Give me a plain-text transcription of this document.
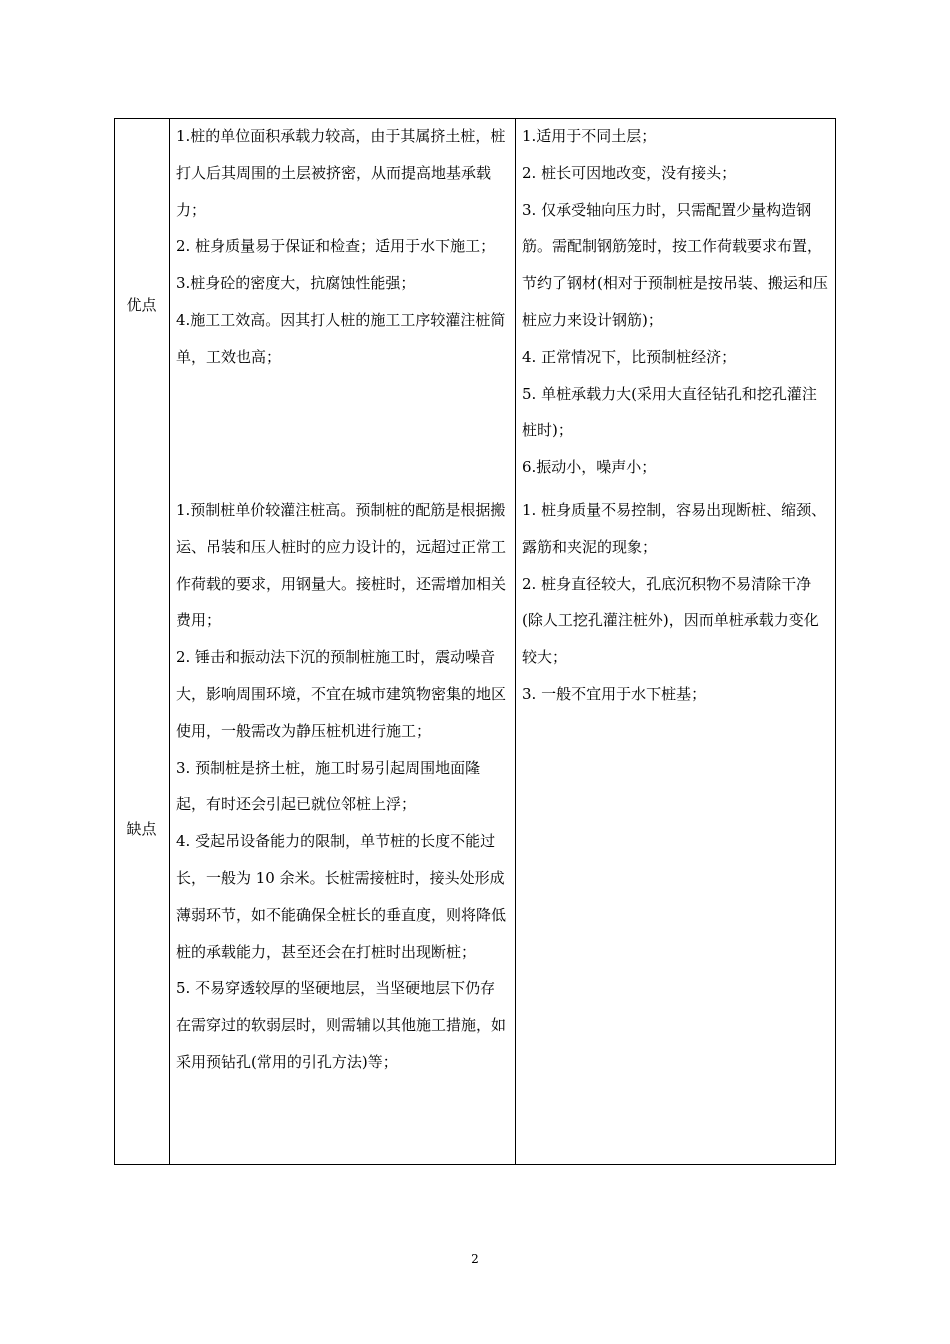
优点

1.桩的单位面积承载力较高，由于其属挤土桩，桩打人后其周围的土层被挤密，从而提高地基承载力；

2. 桩身质量易于保证和检查；适用于水下施工；

3.桩身砼的密度大，抗腐蚀性能强；

4.施工工效高。因其打人桩的施工工序较灌注桩简单，工效也高；

1.适用于不同土层；

2. 桩长可因地改变，没有接头；

3. 仅承受轴向压力时，只需配置少量构造钢筋。需配制钢筋笼时，按工作荷载要求布置，节约了钢材(相对于预制桩是按吊装、搬运和压桩应力来设计钢筋)；

4. 正常情况下，比预制桩经济；

5. 单桩承载力大(采用大直径钻孔和挖孔灌注桩时)；

6.振动小，噪声小；

缺点

1.预制桩单价较灌注桩高。预制桩的配筋是根据搬运、吊装和压人桩时的应力设计的，远超过正常工作荷载的要求，用钢量大。接桩时，还需增加相关费用；

2. 锤击和振动法下沉的预制桩施工时，震动噪音大，影响周围环境，不宜在城市建筑物密集的地区使用，一般需改为静压桩机进行施工；

3. 预制桩是挤土桩，施工时易引起周围地面隆起，有时还会引起已就位邻桩上浮；

4. 受起吊设备能力的限制，单节桩的长度不能过长，一般为 10 余米。长桩需接桩时，接头处形成薄弱环节，如不能确保全桩长的垂直度，则将降低桩的承载能力，甚至还会在打桩时出现断桩；

5. 不易穿透较厚的坚硬地层，当坚硬地层下仍存在需穿过的软弱层时，则需辅以其他施工措施，如采用预钻孔(常用的引孔方法)等；

1. 桩身质量不易控制，容易出现断桩、缩颈、露筋和夹泥的现象；

2. 桩身直径较大，孔底沉积物不易清除干净(除人工挖孔灌注桩外)，因而单桩承载力变化较大；

3. 一般不宜用于水下桩基；

2
